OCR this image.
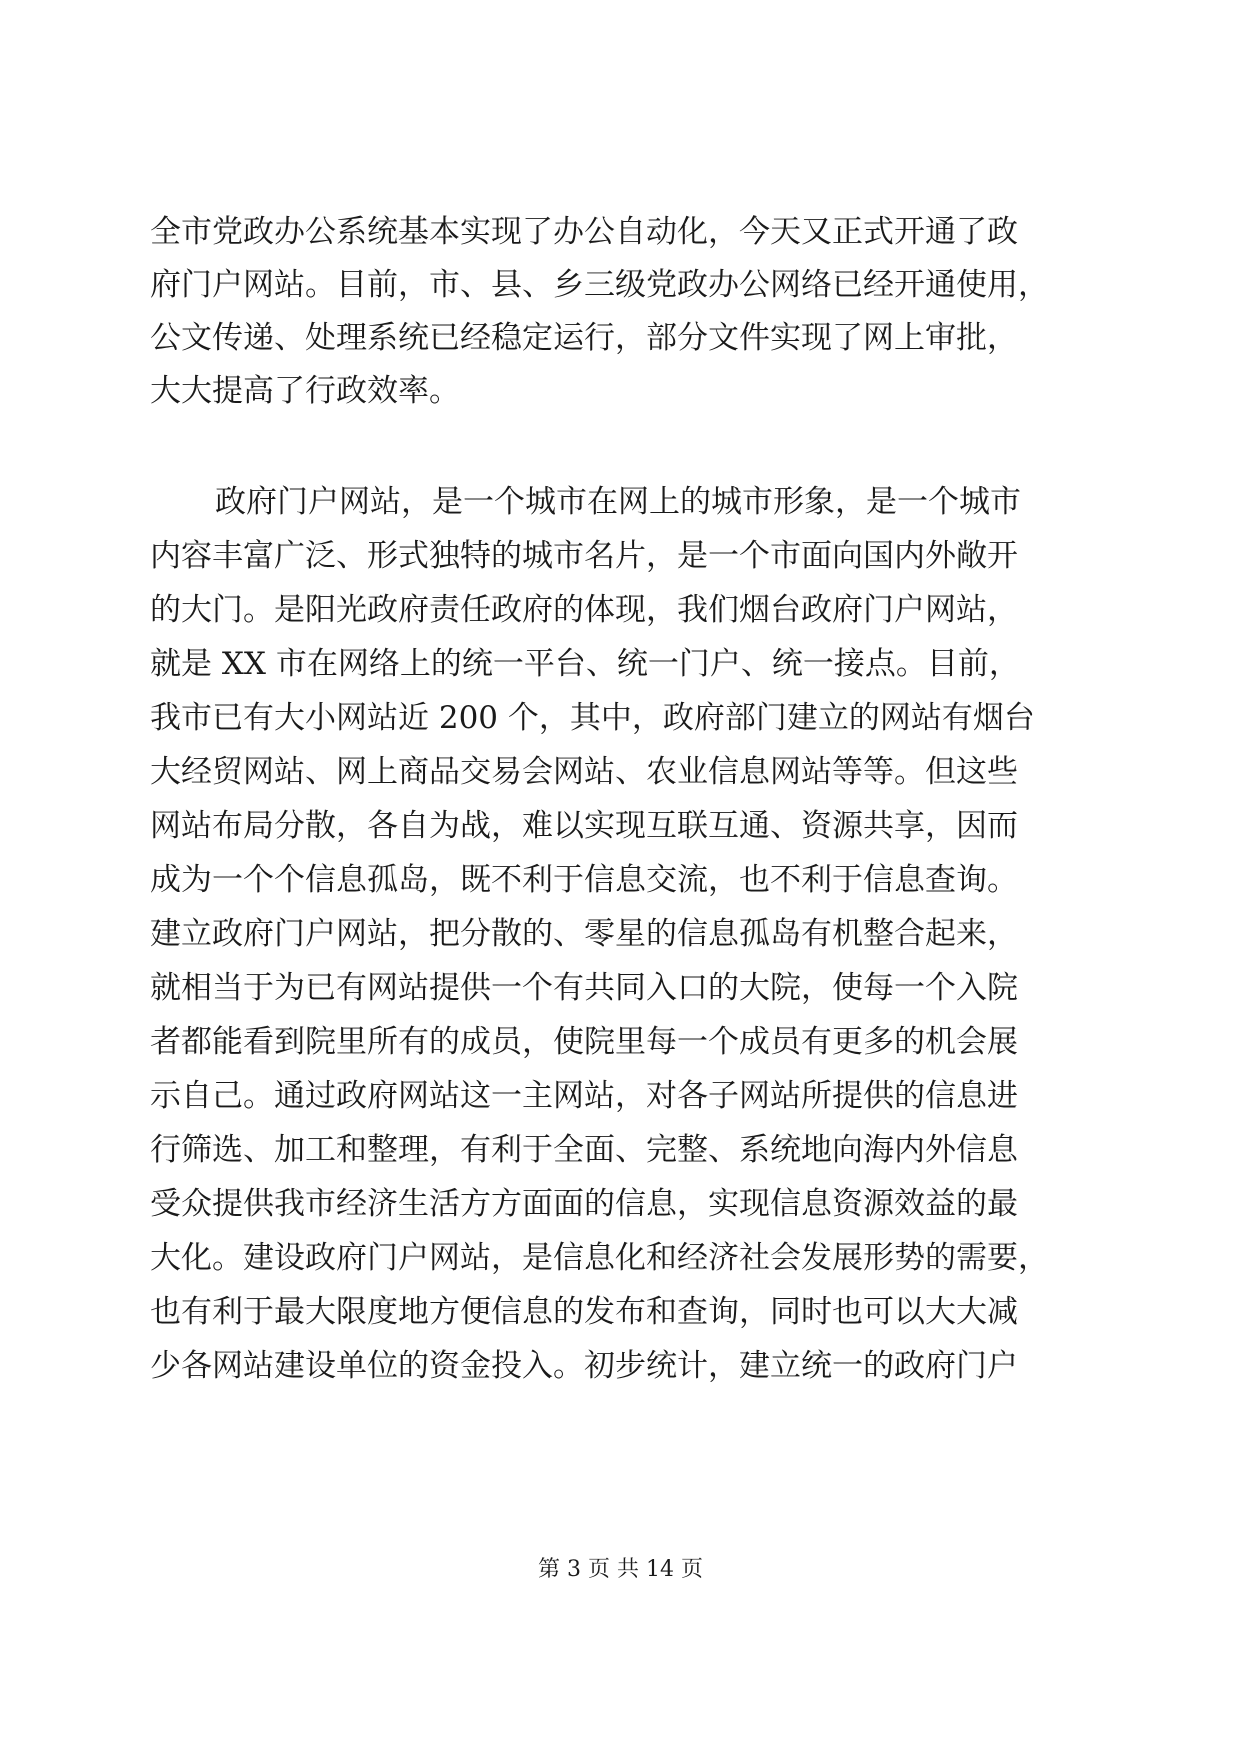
全市党政办公系统基本实现了办公自动化，今天又正式开通了政
府门户网站。目前，市、县、乡三级党政办公网络已经开通使用，
公文传递、处理系统已经稳定运行，部分文件实现了网上审批，
大大提高了行政效率。
政府门户网站，是一个城市在网上的城市形象，是一个城市
内容丰富广泛、形式独特的城市名片，是一个市面向国内外敞开
的大门。是阳光政府责任政府的体现，我们烟台政府门户网站，
就是 XX 市在网络上的统一平台、统一门户、统一接点。目前，
我市已有大小网站近 200 个，其中，政府部门建立的网站有烟台
大经贸网站、网上商品交易会网站、农业信息网站等等。但这些
网站布局分散，各自为战，难以实现互联互通、资源共享，因而
成为一个个信息孤岛，既不利于信息交流，也不利于信息查询。
建立政府门户网站，把分散的、零星的信息孤岛有机整合起来，
就相当于为已有网站提供一个有共同入口的大院，使每一个入院
者都能看到院里所有的成员，使院里每一个成员有更多的机会展
示自己。通过政府网站这一主网站，对各子网站所提供的信息进
行筛选、加工和整理，有利于全面、完整、系统地向海内外信息
受众提供我市经济生活方方面面的信息，实现信息资源效益的最
大化。建设政府门户网站，是信息化和经济社会发展形势的需要，
也有利于最大限度地方便信息的发布和查询，同时也可以大大减
少各网站建设单位的资金投入。初步统计，建立统一的政府门户
第 3 页 共 14 页
